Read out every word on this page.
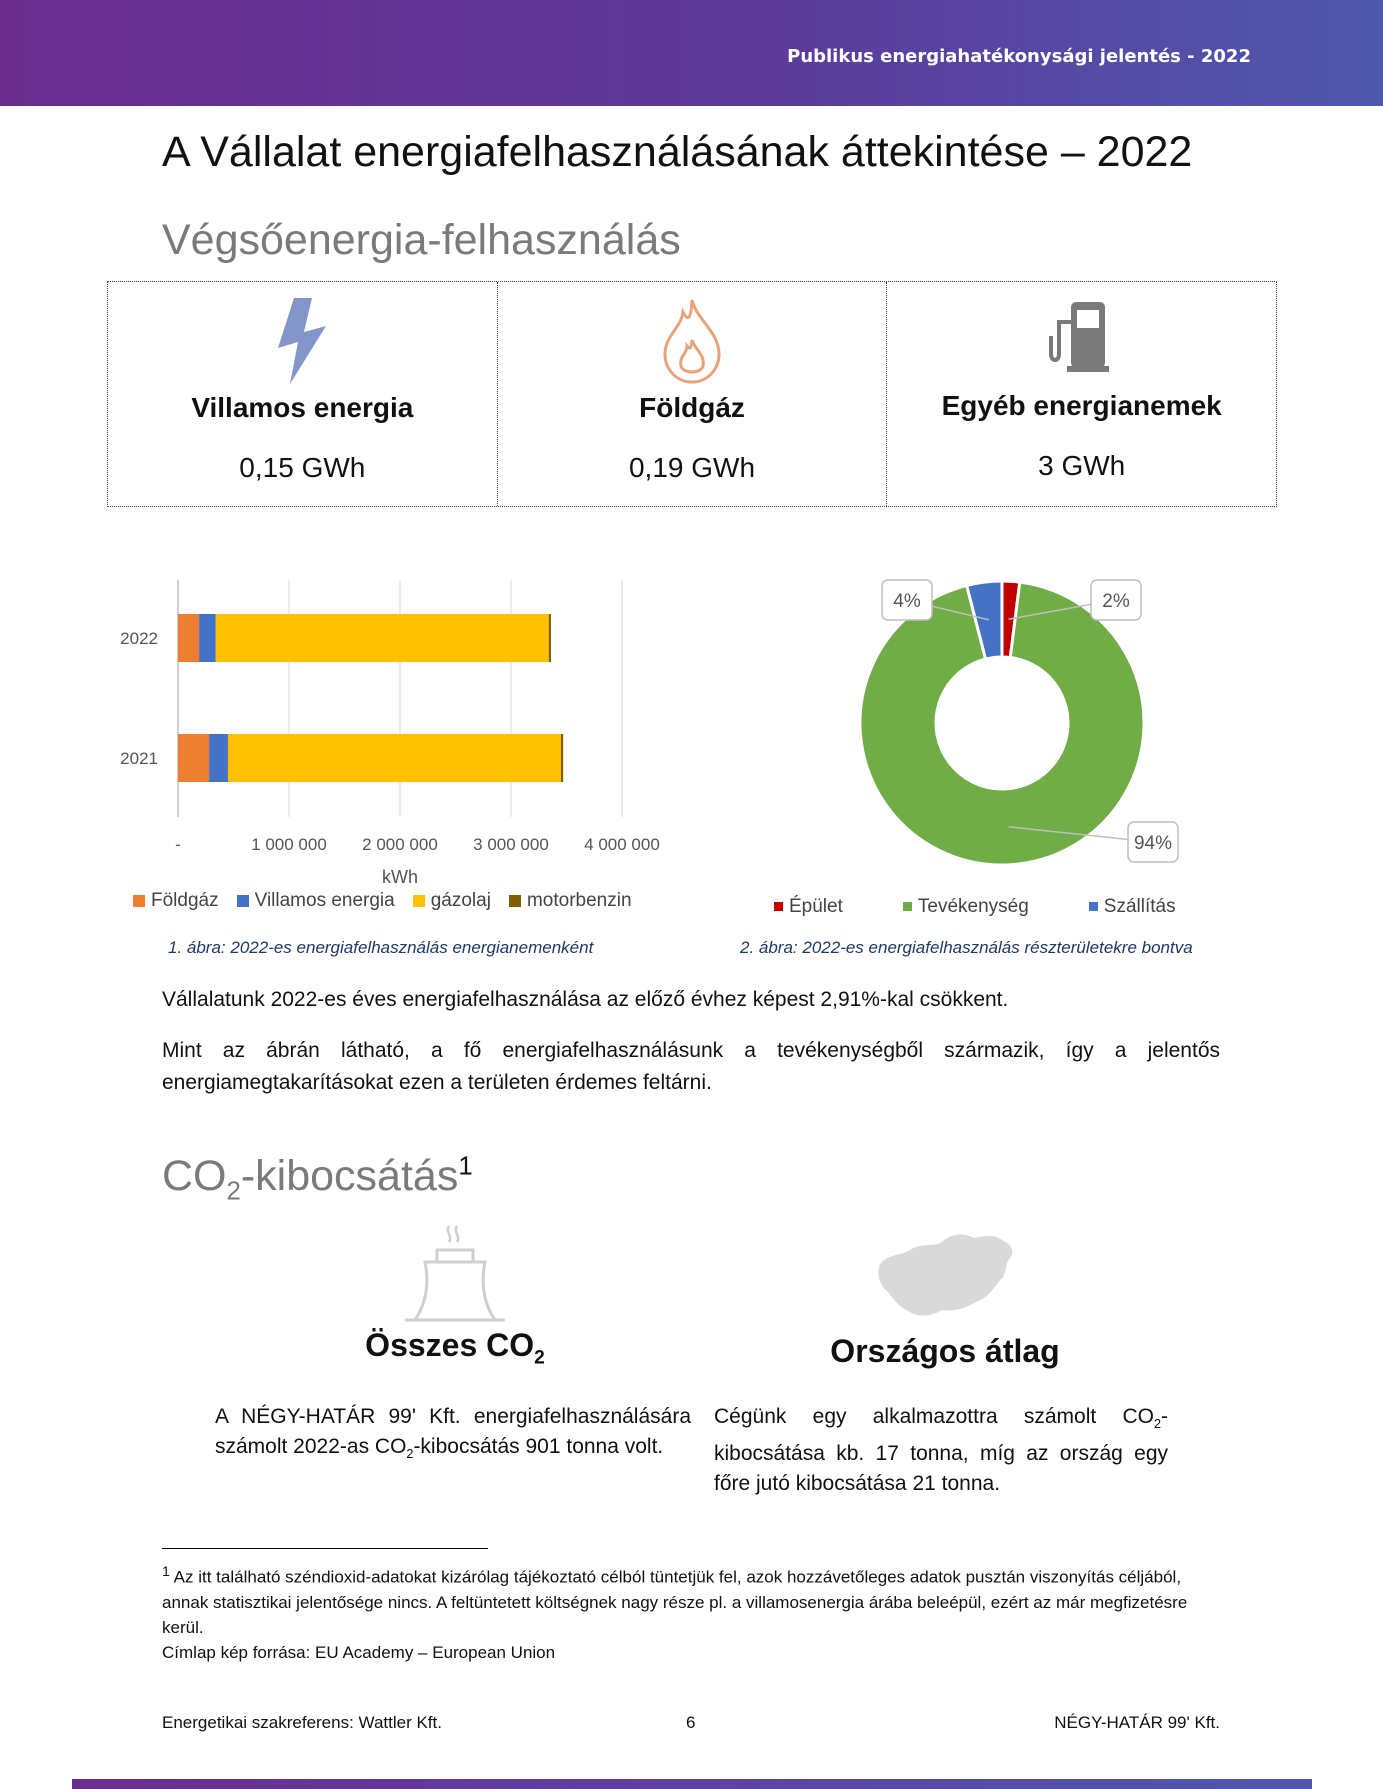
Publikus energiahatékonysági jelentés - 2022
A Vállalat energiafelhasználásának áttekintése – 2022
Végsőenergia-felhasználás
Villamos energia
0,15 GWh
Földgáz
0,19 GWh
Egyéb energianemek
3 GWh
-	1 000 000 2 000 000 3 000 000 4 000 000
kWh
2022
2021
Földgáz	Villamos energia	gázolaj	motorbenzin
1. ábra: 2022-es energiafelhasználás energianemenként
2%
94%
4%
Épület	Tevékenység	Szállítás
2. ábra: 2022-es energiafelhasználás részterületekre bontva
Vállalatunk 2022-es éves energiafelhasználása az előző évhez képest 2,91%-kal csökkent.
Mint az ábrán látható, a fő energiafelhasználásunk a tevékenységből származik, így a jelentős energiamegtakarításokat ezen a területen érdemes feltárni.
$CO_2-kibocsátás^1$
Összes $CO_2$
A NÉGY-HATÁR 99' Kft. energiafelhasználására számolt 2022-as $CO_2$-kibocsátás 901 tonna volt.
Országos átlag
Cégünk egy alkalmazottra számolt $CO_2$-kibocsátása kb. 17 tonna, míg az ország egy főre jutó kibocsátása 21 tonna.
$^1$ Az itt található széndioxid-adatokat kizárólag tájékoztató célból tüntetjük fel, azok hozzávetőleges adatok pusztán viszonyítás céljából, annak statisztikai jelentősége nincs. A feltüntetett költségnek nagy része pl. a villamosenergia árába beleépül, ezért az már megfizetésre kerül.
Címlap kép forrása: EU Academy – European Union
Energetikai szakreferens: Wattler Kft.	6	NÉGY-HATÁR 99' Kft.
